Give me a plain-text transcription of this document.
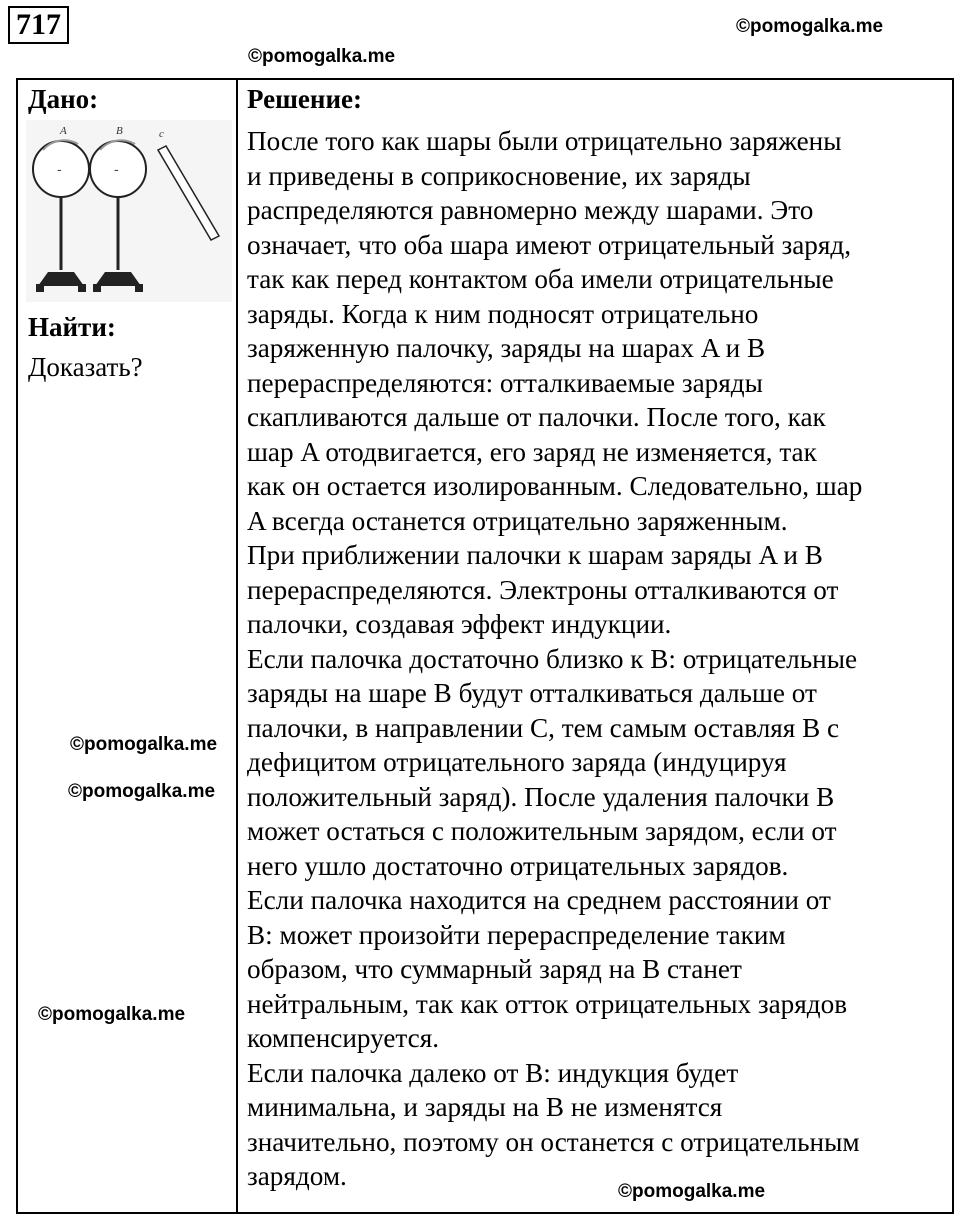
717	©pomogalka.me
©pomogalka.me
Дано:
A	B	c
-	-
Найти:
Доказать?
©pomogalka.me
©pomogalka.me
©pomogalka.me
Решение:
После того как шары были отрицательно заряжены
и приведены в соприкосновение, их заряды
распределяются равномерно между шарами. Это
означает, что оба шара имеют отрицательный заряд,
так как перед контактом оба имели отрицательные
заряды. Когда к ним подносят отрицательно
заряженную палочку, заряды на шарах A и B
перераспределяются: отталкиваемые заряды
скапливаются дальше от палочки. После того, как
шар A отодвигается, его заряд не изменяется, так
как он остается изолированным. Следовательно, шар
A всегда останется отрицательно заряженным.
При приближении палочки к шарам заряды A и B
перераспределяются. Электроны отталкиваются от
палочки, создавая эффект индукции.
Если палочка достаточно близко к B: отрицательные
заряды на шаре B будут отталкиваться дальше от
палочки, в направлении C, тем самым оставляя B с
дефицитом отрицательного заряда (индуцируя
положительный заряд). После удаления палочки B
может остаться с положительным зарядом, если от
него ушло достаточно отрицательных зарядов.
Если палочка находится на среднем расстоянии от
B: может произойти перераспределение таким
образом, что суммарный заряд на B станет
нейтральным, так как отток отрицательных зарядов
компенсируется.
Если палочка далеко от B: индукция будет
минимальна, и заряды на B не изменятся
значительно, поэтому он останется с отрицательным
зарядом.
©pomogalka.me
